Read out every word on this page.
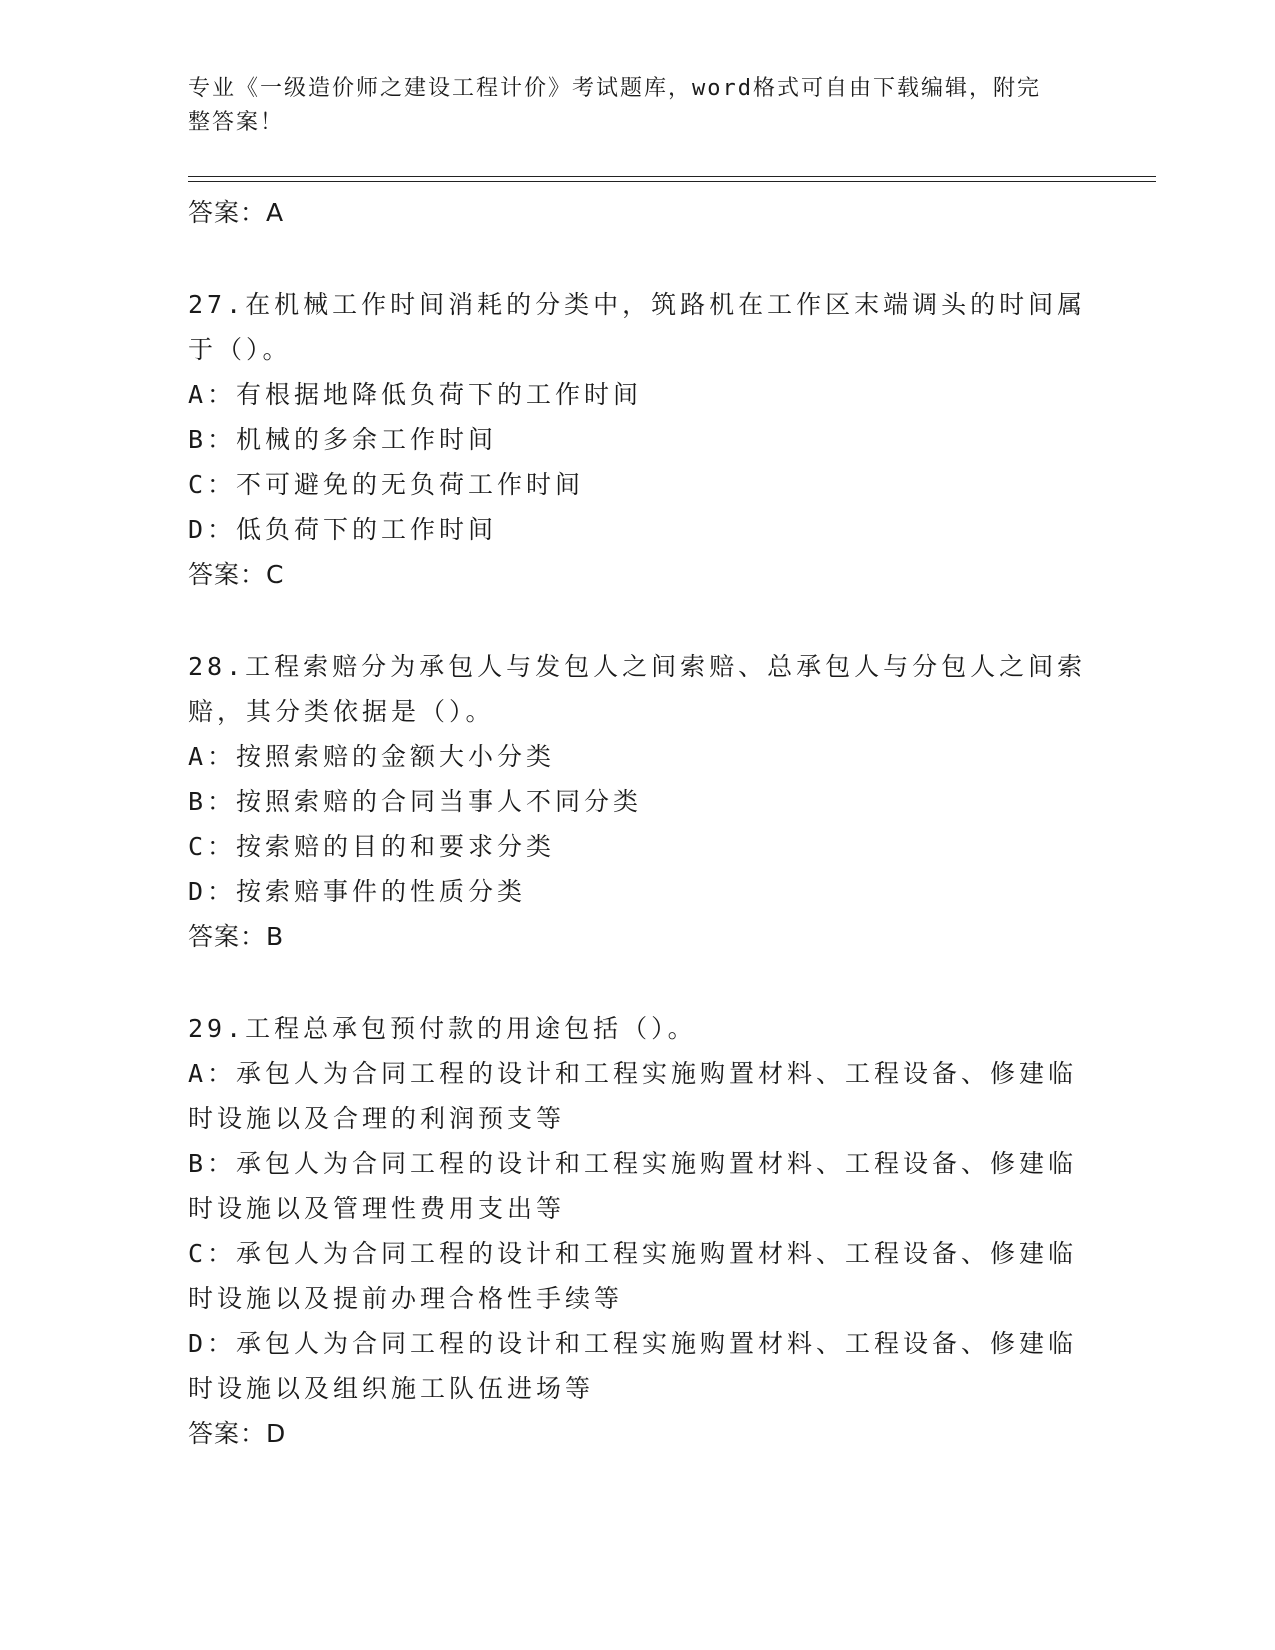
专业《一级造价师之建设工程计价》考试题库，word格式可自由下载编辑，附完
整答案！
答案：A
27.在机械工作时间消耗的分类中，筑路机在工作区末端调头的时间属
于（）。
A：有根据地降低负荷下的工作时间
B：机械的多余工作时间
C：不可避免的无负荷工作时间
D：低负荷下的工作时间
答案：C
28.工程索赔分为承包人与发包人之间索赔、总承包人与分包人之间索
赔，其分类依据是（）。
A：按照索赔的金额大小分类
B：按照索赔的合同当事人不同分类
C：按索赔的目的和要求分类
D：按索赔事件的性质分类
答案：B
29.工程总承包预付款的用途包括（）。
A：承包人为合同工程的设计和工程实施购置材料、工程设备、修建临
时设施以及合理的利润预支等
B：承包人为合同工程的设计和工程实施购置材料、工程设备、修建临
时设施以及管理性费用支出等
C：承包人为合同工程的设计和工程实施购置材料、工程设备、修建临
时设施以及提前办理合格性手续等
D：承包人为合同工程的设计和工程实施购置材料、工程设备、修建临
时设施以及组织施工队伍进场等
答案：D
